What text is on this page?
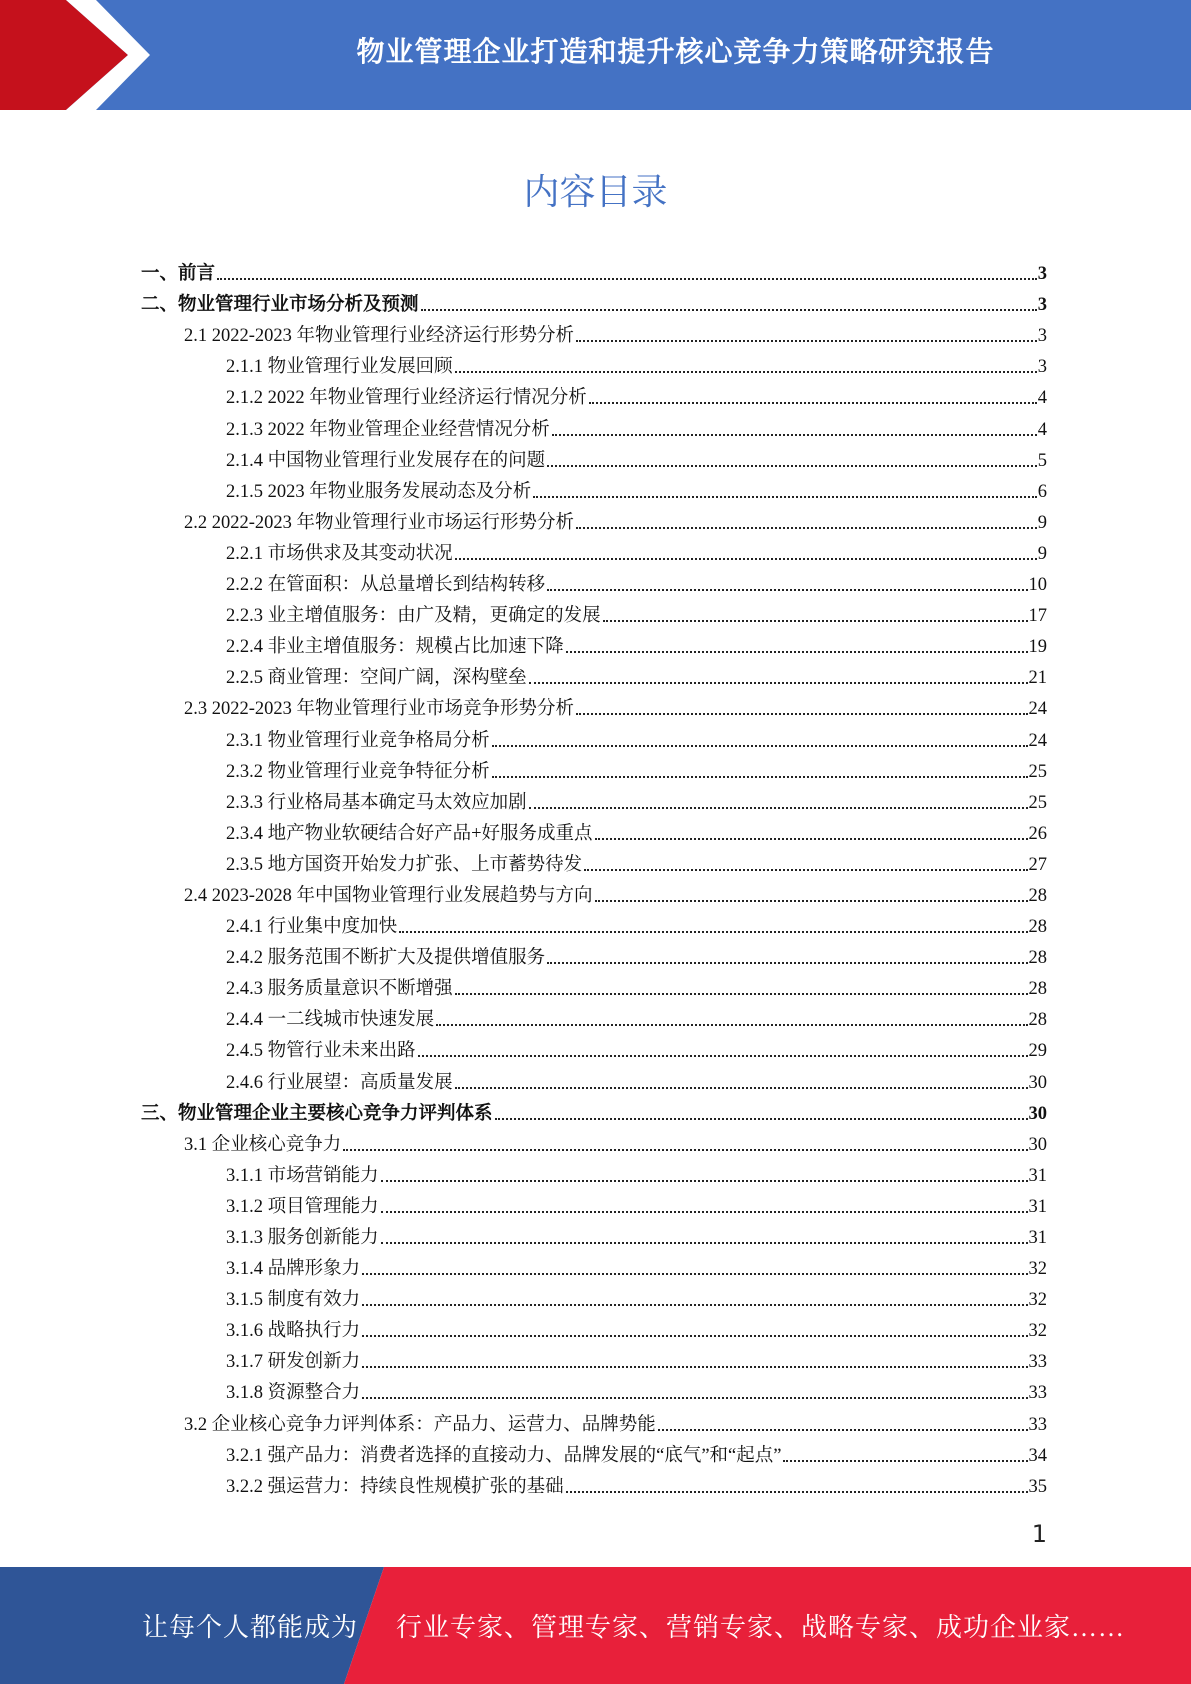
物业管理企业打造和提升核心竞争力策略研究报告
内容目录
一、前言	3
二、物业管理行业市场分析及预测	3
2.1 2022-2023 年物业管理行业经济运行形势分析	3
2.1.1 物业管理行业发展回顾	3
2.1.2 2022 年物业管理行业经济运行情况分析	4
2.1.3 2022 年物业管理企业经营情况分析	4
2.1.4 中国物业管理行业发展存在的问题	5
2.1.5 2023 年物业服务发展动态及分析	6
2.2 2022-2023 年物业管理行业市场运行形势分析	9
2.2.1 市场供求及其变动状况	9
2.2.2 在管面积：从总量增长到结构转移	10
2.2.3 业主增值服务：由广及精，更确定的发展	17
2.2.4 非业主增值服务：规模占比加速下降	19
2.2.5 商业管理：空间广阔，深构壁垒	21
2.3 2022-2023 年物业管理行业市场竞争形势分析	24
2.3.1 物业管理行业竞争格局分析	24
2.3.2 物业管理行业竞争特征分析	25
2.3.3 行业格局基本确定马太效应加剧	25
2.3.4 地产物业软硬结合好产品+好服务成重点	26
2.3.5 地方国资开始发力扩张、上市蓄势待发	27
2.4 2023-2028 年中国物业管理行业发展趋势与方向	28
2.4.1 行业集中度加快	28
2.4.2 服务范围不断扩大及提供增值服务	28
2.4.3 服务质量意识不断增强	28
2.4.4 一二线城市快速发展	28
2.4.5 物管行业未来出路	29
2.4.6 行业展望：高质量发展	30
三、物业管理企业主要核心竞争力评判体系	30
3.1 企业核心竞争力	30
3.1.1 市场营销能力	31
3.1.2 项目管理能力	31
3.1.3 服务创新能力	31
3.1.4 品牌形象力	32
3.1.5 制度有效力	32
3.1.6 战略执行力	32
3.1.7 研发创新力	33
3.1.8 资源整合力	33
3.2 企业核心竞争力评判体系：产品力、运营力、品牌势能	33
3.2.1 强产品力：消费者选择的直接动力、品牌发展的“底气”和“起点”	34
3.2.2 强运营力：持续良性规模扩张的基础	35
1
让每个人都能成为 行业专家、管理专家、营销专家、战略专家、成功企业家……
